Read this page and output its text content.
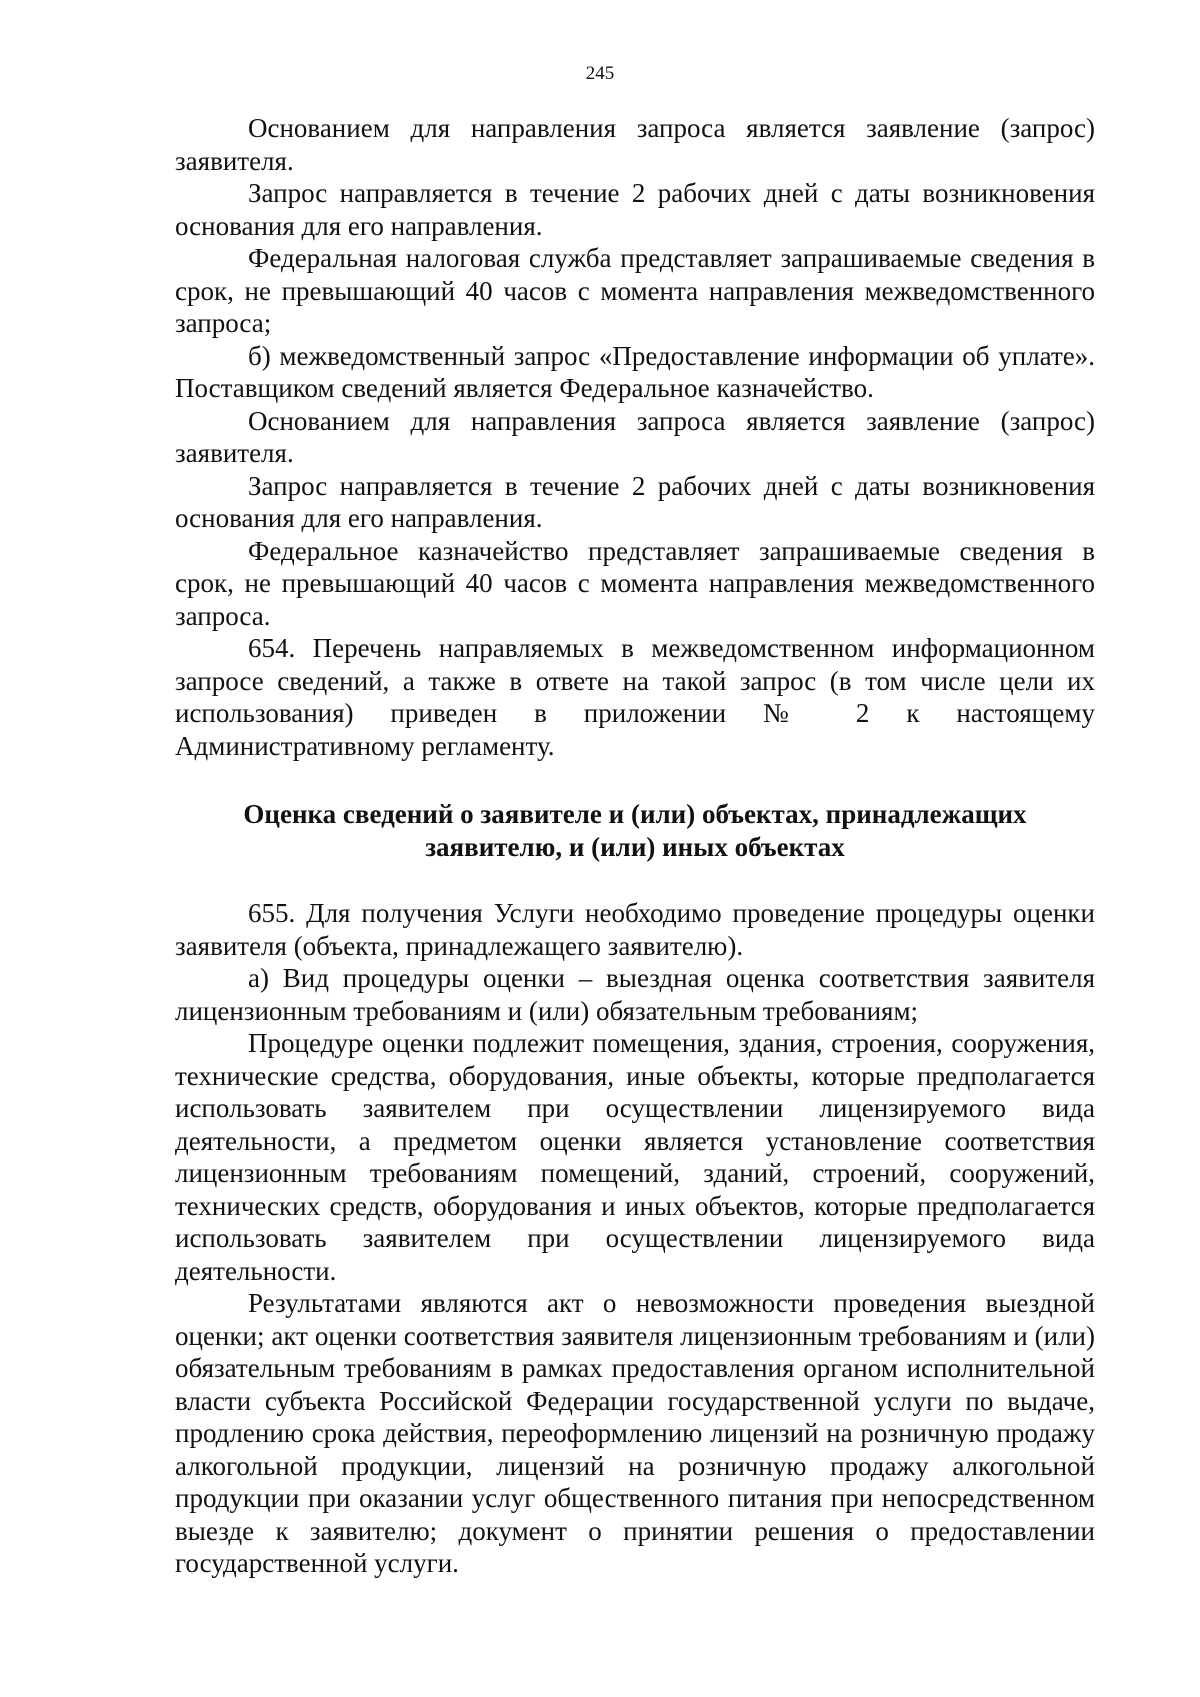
245

Основанием для направления запроса является заявление (запрос) заявителя.

Запрос направляется в течение 2 рабочих дней с даты возникновения основания для его направления.

Федеральная налоговая служба представляет запрашиваемые сведения в срок, не превышающий 40 часов с момента направления межведомственного запроса;

б) межведомственный запрос «Предоставление информации об уплате». Поставщиком сведений является Федеральное казначейство.

Основанием для направления запроса является заявление (запрос) заявителя.

Запрос направляется в течение 2 рабочих дней с даты возникновения основания для его направления.

Федеральное казначейство представляет запрашиваемые сведения в срок, не превышающий 40 часов с момента направления межведомственного запроса.

654. Перечень направляемых в межведомственном информационном запросе сведений, а также в ответе на такой запрос (в том числе цели их использования) приведен в приложении № 2 к настоящему Административному регламенту.

Оценка сведений о заявителе и (или) объектах, принадлежащих заявителю, и (или) иных объектах

655. Для получения Услуги необходимо проведение процедуры оценки заявителя (объекта, принадлежащего заявителю).

а) Вид процедуры оценки – выездная оценка соответствия заявителя лицензионным требованиям и (или) обязательным требованиям;

Процедуре оценки подлежит помещения, здания, строения, сооружения, технические средства, оборудования, иные объекты, которые предполагается использовать заявителем при осуществлении лицензируемого вида деятельности, а предметом оценки является установление соответствия лицензионным требованиям помещений, зданий, строений, сооружений, технических средств, оборудования и иных объектов, которые предполагается использовать заявителем при осуществлении лицензируемого вида деятельности.

Результатами являются акт о невозможности проведения выездной оценки; акт оценки соответствия заявителя лицензионным требованиям и (или) обязательным требованиям в рамках предоставления органом исполнительной власти субъекта Российской Федерации государственной услуги по выдаче, продлению срока действия, переоформлению лицензий на розничную продажу алкогольной продукции, лицензий на розничную продажу алкогольной продукции при оказании услуг общественного питания при непосредственном выезде к заявителю; документ о принятии решения о предоставлении государственной услуги.
